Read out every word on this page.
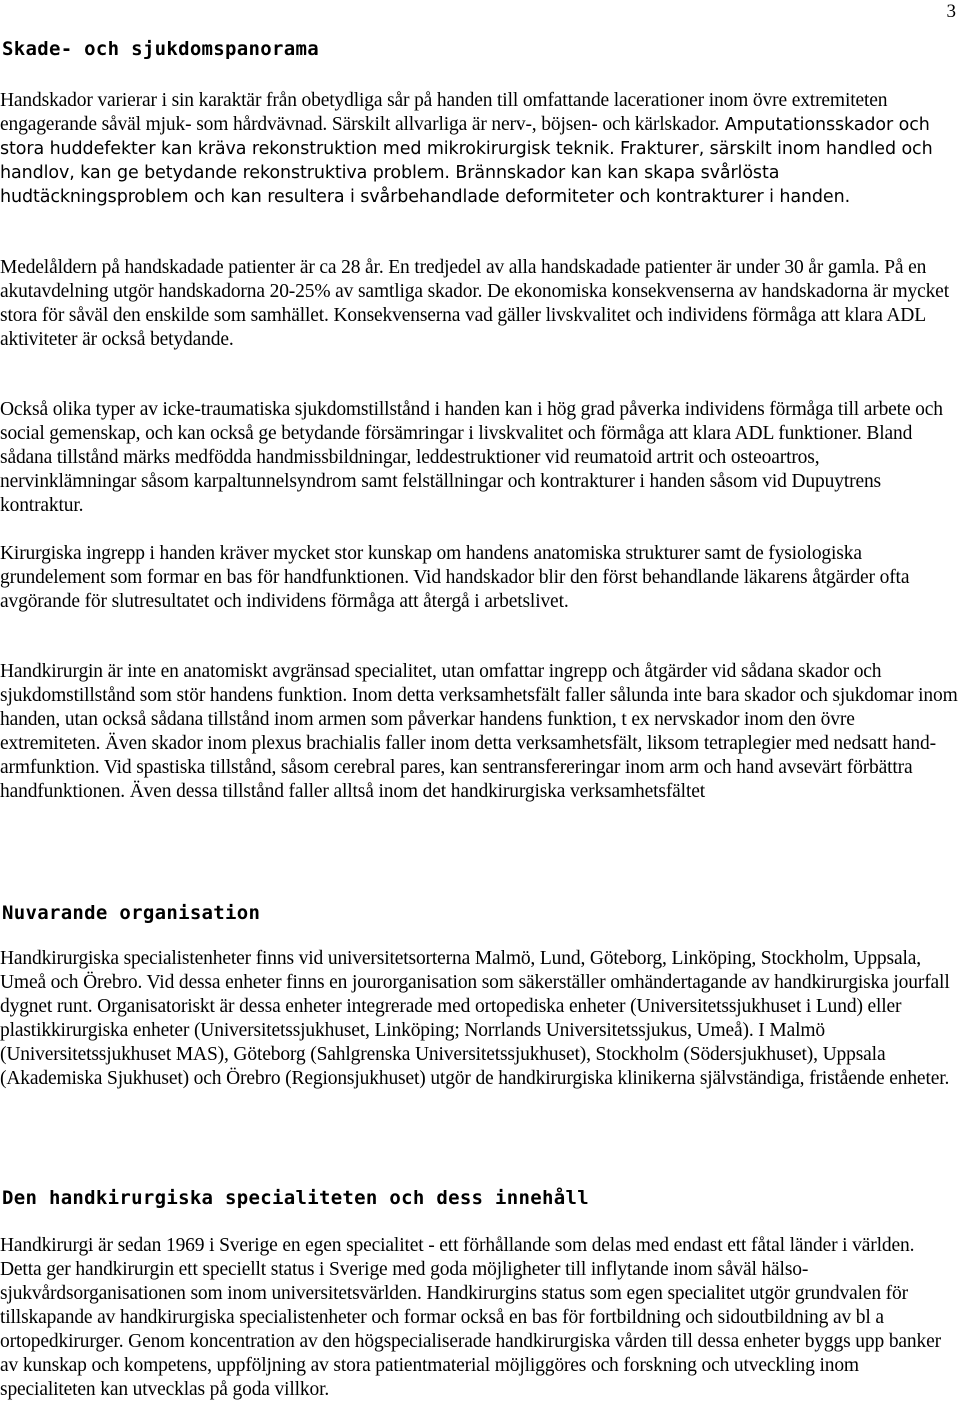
3
Skade- och sjukdomspanorama

Handskador varierar i sin karaktär från obetydliga sår på handen till omfattande lacerationer inom övre extremiteten engagerande såväl mjuk- som hårdvävnad. Särskilt allvarliga är nerv-, böjsen- och kärlskador. Amputationsskador och stora huddefekter kan kräva rekonstruktion med mikrokirurgisk teknik. Frakturer, särskilt inom handled och handlov, kan ge betydande rekonstruktiva problem. Brännskador kan kan skapa svårlösta hudtäckningsproblem och kan resultera i svårbehandlade deformiteter och kontrakturer i handen.

Medelåldern på handskadade patienter är ca 28 år. En tredjedel av alla handskadade patienter är under 30 år gamla. På en akutavdelning utgör handskadorna 20-25% av samtliga skador. De ekonomiska konsekvenserna av handskadorna är mycket stora för såväl den enskilde som samhället. Konsekvenserna vad gäller livskvalitet och individens förmåga att klara ADL aktiviteter är också betydande.

Också olika typer av icke-traumatiska sjukdomstillstånd i handen kan i hög grad påverka individens förmåga till arbete och social gemenskap, och kan också ge betydande försämringar i livskvalitet och förmåga att klara ADL funktioner. Bland sådana tillstånd märks medfödda handmissbildningar, leddestruktioner vid reumatoid artrit och osteoartros, nervinklämningar såsom karpaltunnelsyndrom samt felställningar och kontrakturer i handen såsom vid Dupuytrens kontraktur.

Kirurgiska ingrepp i handen kräver mycket stor kunskap om handens anatomiska strukturer samt de fysiologiska grundelement som formar en bas för handfunktionen. Vid handskador blir den först behandlande läkarens åtgärder ofta avgörande för slutresultatet och individens förmåga att återgå i arbetslivet.

Handkirurgin är inte en anatomiskt avgränsad specialitet, utan omfattar ingrepp och åtgärder vid sådana skador och sjukdomstillstånd som stör handens funktion. Inom detta verksamhetsfält faller sålunda inte bara skador och sjukdomar inom handen, utan också sådana tillstånd inom armen som påverkar handens funktion, t ex nervskador inom den övre extremiteten. Även skador inom plexus brachialis faller inom detta verksamhetsfält, liksom tetraplegier med nedsatt hand-armfunktion. Vid spastiska tillstånd, såsom cerebral pares, kan sentransfereringar inom arm och hand avsevärt förbättra handfunktionen. Även dessa tillstånd faller alltså inom det handkirurgiska verksamhetsfältet

Nuvarande organisation

Handkirurgiska specialistenheter finns vid universitetsorterna Malmö, Lund, Göteborg, Linköping, Stockholm, Uppsala, Umeå och Örebro. Vid dessa enheter finns en jourorganisation som säkerställer omhändertagande av handkirurgiska jourfall dygnet runt. Organisatoriskt är dessa enheter integrerade med ortopediska enheter (Universitetssjukhuset i Lund) eller plastikkirurgiska enheter (Universitetssjukhuset, Linköping; Norrlands Universitetssjukus, Umeå). I Malmö (Universitetssjukhuset MAS), Göteborg (Sahlgrenska Universitetssjukhuset), Stockholm (Södersjukhuset), Uppsala (Akademiska Sjukhuset) och Örebro (Regionsjukhuset) utgör de handkirurgiska klinikerna självständiga, fristående enheter.

Den handkirurgiska specialiteten och dess innehåll

Handkirurgi är sedan 1969 i Sverige en egen specialitet - ett förhållande som delas med endast ett fåtal länder i världen. Detta ger handkirurgin ett speciellt status i Sverige med goda möjligheter till inflytande inom såväl hälso-sjukvårdsorganisationen som inom universitetsvärlden. Handkirurgins status som egen specialitet utgör grundvalen för tillskapande av handkirurgiska specialistenheter och formar också en bas för fortbildning och sidoutbildning av bl a ortopedkirurger. Genom koncentration av den högspecialiserade handkirurgiska vården till dessa enheter byggs upp banker av kunskap och kompetens, uppföljning av stora patientmaterial möjliggöres och forskning och utveckling inom specialiteten kan utvecklas på goda villkor.
